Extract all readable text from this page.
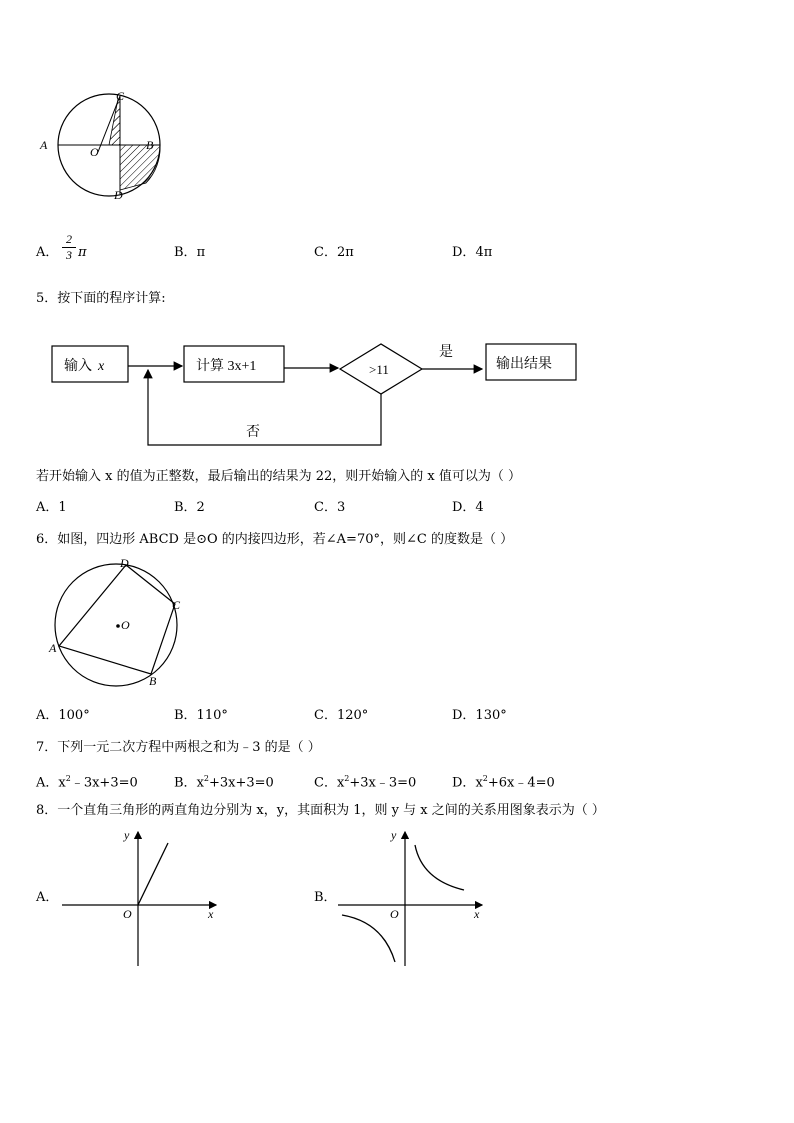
C
A	O	B
D
A．
2
3 π	B．π	C．2π	D．4π
5．按下面的程序计算:
输入 x	计算 3x+1	>11
是
输出结果
否
若开始输入 x 的值为正整数，最后输出的结果为 22，则开始输入的 x 值可以为（ ）
A．1	B．2	C．3	D．4
6．如图，四边形 ABCD 是⊙O 的内接四边形，若∠A=70°，则∠C 的度数是（ ）
O
D
C
A
B
A．100°	B．110°	C．120°	D．130°
7．下列一元二次方程中两根之和为﹣3 的是（ ）
A．$x^2﹣3x+3=0$	B．$x^2+3x+3=0$	C．$x^2+3x﹣3=0$	D．$x^2+6x﹣4=0$
8．一个直角三角形的两直角边分别为 x，y，其面积为 1，则 y 与 x 之间的关系用图象表示为（ ）
A．
x
y
O
B．
x
y
O
